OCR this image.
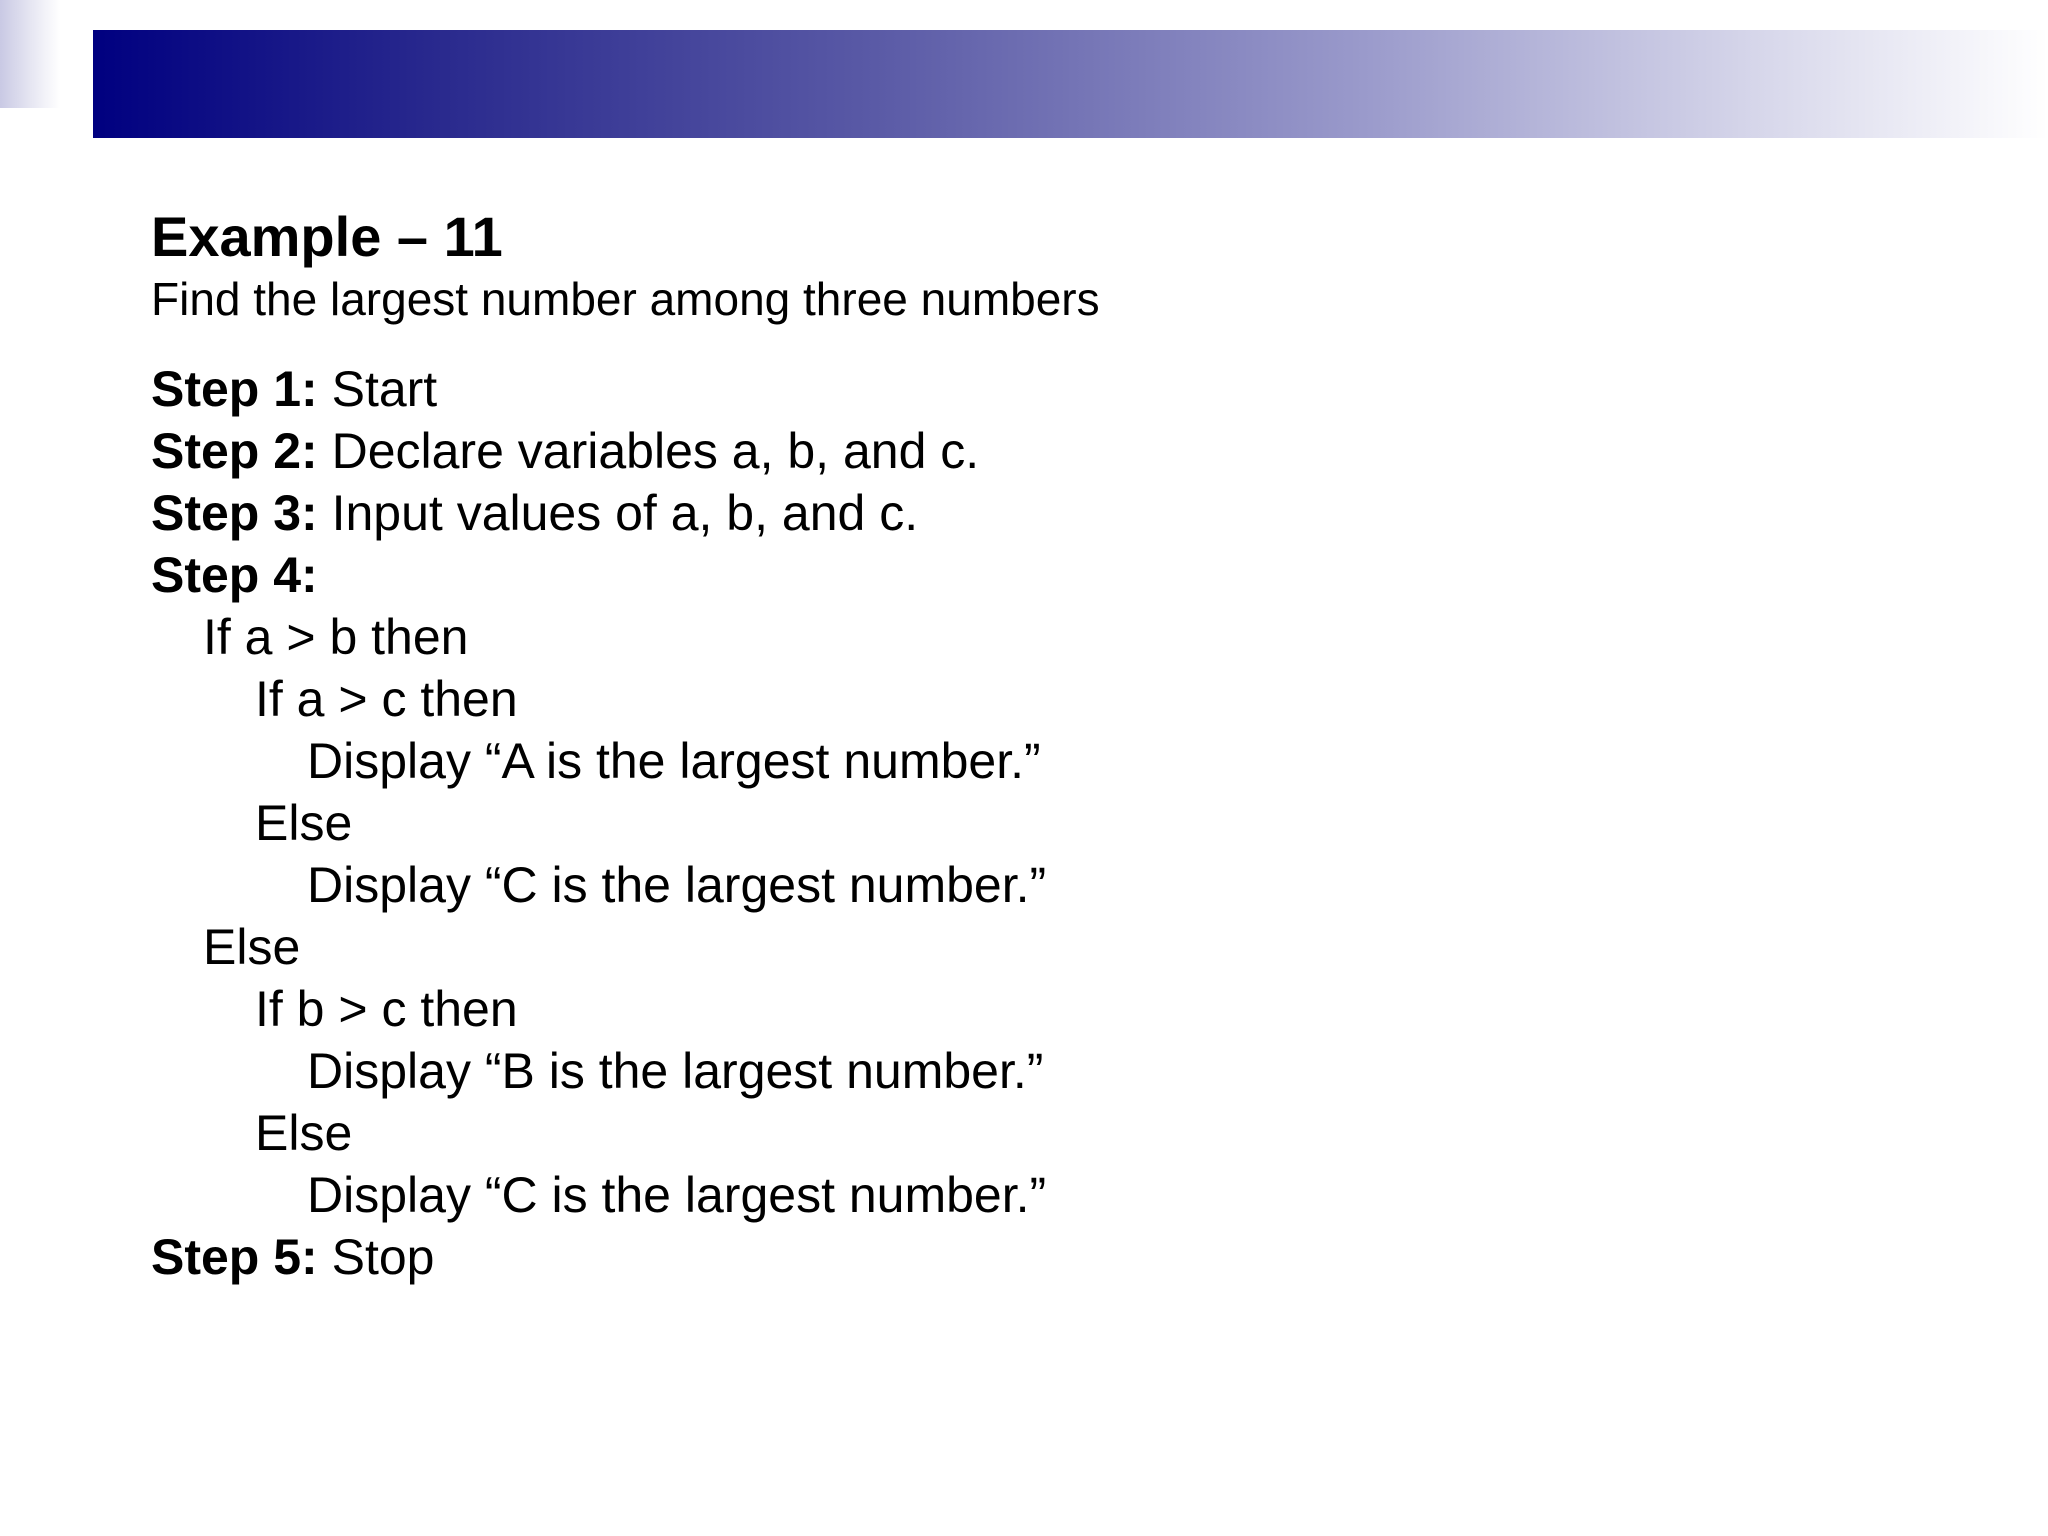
Example – 11

Find the largest number among three numbers

Step 1: Start

Step 2: Declare variables a, b, and c.

Step 3: Input values of a, b, and c.

Step 4:

If a > b then

If a > c then

Display “A is the largest number.”

Else

Display “C is the largest number.”

Else

If b > c then

Display “B is the largest number.”

Else

Display “C is the largest number.”

Step 5: Stop
